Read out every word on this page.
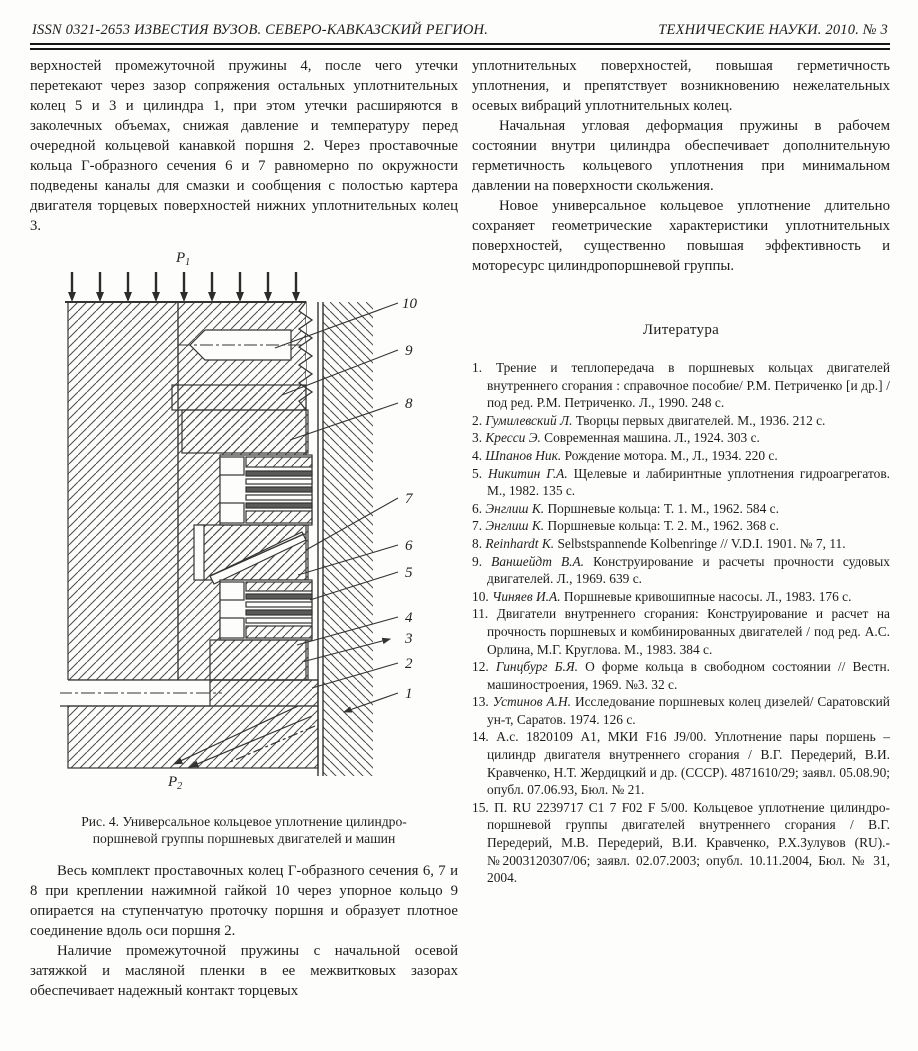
ISSN 0321-2653 ИЗВЕСТИЯ ВУЗОВ. СЕВЕРО-КАВКАЗСКИЙ РЕГИОН.	ТЕХНИЧЕСКИЕ НАУКИ. 2010. № 3

верхностей промежуточной пружины 4, после чего утечки перетекают через зазор сопряжения остальных уплотнительных колец 5 и 3 и цилиндра 1, при этом утечки расширяются в заколечных объемах, снижая давление и температуру перед очередной кольцевой канавкой поршня 2. Через проставочные кольца Г-образного сечения 6 и 7 равномерно по окружности подведены каналы для смазки и сообщения с полостью картера двигателя торцевых поверхностей нижних уплотнительных колец 3.

$P_1$
10
9
8
7
6
5
4
3
2
1
$P_2$
Рис. 4. Универсальное кольцевое уплотнение цилиндро-
поршневой группы поршневых двигателей и машин

Весь комплект проставочных колец Г-образного сечения 6, 7 и 8 при креплении нажимной гайкой 10 через упорное кольцо 9 опирается на ступенчатую проточку поршня и образует плотное соединение вдоль оси поршня 2.

Наличие промежуточной пружины с начальной осевой затяжкой и масляной пленки в ее межвитковых зазорах обеспечивает надежный контакт торцевых

уплотнительных поверхностей, повышая герметичность уплотнения, и препятствует возникновению нежелательных осевых вибраций уплотнительных колец.

Начальная угловая деформация пружины в рабочем состоянии внутри цилиндра обеспечивает дополнительную герметичность кольцевого уплотнения при минимальном давлении на поверхности скольжения.

Новое универсальное кольцевое уплотнение длительно сохраняет геометрические характеристики уплотнительных поверхностей, существенно повышая эффективность и моторесурс цилиндропоршневой группы.

Литература
1. Трение и теплопередача в поршневых кольцах двигателей внутреннего сгорания : справочное пособие/ Р.М. Петриченко [и др.] / под ред. Р.М. Петриченко. Л., 1990. 248 с.
2. Гумилевский Л. Творцы первых двигателей. М., 1936. 212 с.
3. Кресси Э. Современная машина. Л., 1924. 303 с.
4. Шпанов Ник. Рождение мотора. М., Л., 1934. 220 с.
5. Никитин Г.А. Щелевые и лабиринтные уплотнения гидроагрегатов. М., 1982. 135 с.
6. Энглиш К. Поршневые кольца: Т. 1. М., 1962. 584 с.
7. Энглиш К. Поршневые кольца: Т. 2. М., 1962. 368 с.
8. Reinhardt K. Selbstspannende Kolbenringe // V.D.I. 1901. № 7, 11.
9. Ваншейдт В.А. Конструирование и расчеты прочности судовых двигателей. Л., 1969. 639 с.
10. Чиняев И.А. Поршневые кривошипные насосы. Л., 1983. 176 с.
11. Двигатели внутреннего сгорания: Конструирование и расчет на прочность поршневых и комбинированных двигателей / под ред. А.С. Орлина, М.Г. Круглова. М., 1983. 384 с.
12. Гинцбург Б.Я. О форме кольца в свободном состоянии // Вестн. машиностроения, 1969. №3. 32 с.
13. Устинов А.Н. Исследование поршневых колец дизелей/ Саратовский ун-т, Саратов. 1974. 126 с.
14. А.с. 1820109 А1, МКИ F16 J9/00. Уплотнение пары поршень – цилиндр двигателя внутреннего сгорания / В.Г. Передерий, В.И. Кравченко, Н.Т. Жердицкий и др. (СССР). 4871610/29; заявл. 05.08.90; опубл. 07.06.93, Бюл. № 21.
15. П. RU 2239717 С1 7 F02 F 5/00. Кольцевое уплотнение цилиндро-поршневой группы двигателей внутреннего сгорания / В.Г. Передерий, М.В. Передерий, В.И. Кравченко, Р.Х.Зулувов (RU).-№2003120307/06; заявл. 02.07.2003; опубл. 10.11.2004, Бюл. № 31, 2004.
